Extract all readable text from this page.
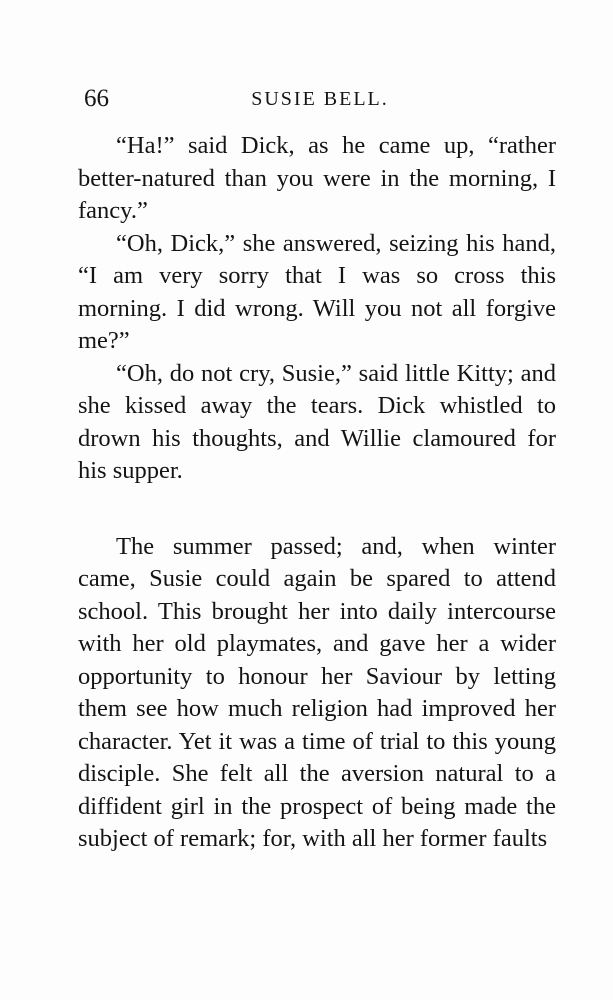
66	SUSIE BELL.

“Ha!” said Dick, as he came up, “rather better-natured than you were in the morning, I fancy.”

“Oh, Dick,” she answered, seizing his hand, “I am very sorry that I was so cross this morning. I did wrong. Will you not all forgive me?”

“Oh, do not cry, Susie,” said little Kitty; and she kissed away the tears. Dick whistled to drown his thoughts, and Willie clamoured for his supper.

The summer passed; and, when winter came, Susie could again be spared to attend school. This brought her into daily intercourse with her old playmates, and gave her a wider opportunity to honour her Saviour by letting them see how much religion had improved her character. Yet it was a time of trial to this young disciple. She felt all the aversion natural to a diffident girl in the prospect of being made the subject of remark; for, with all her former faults
